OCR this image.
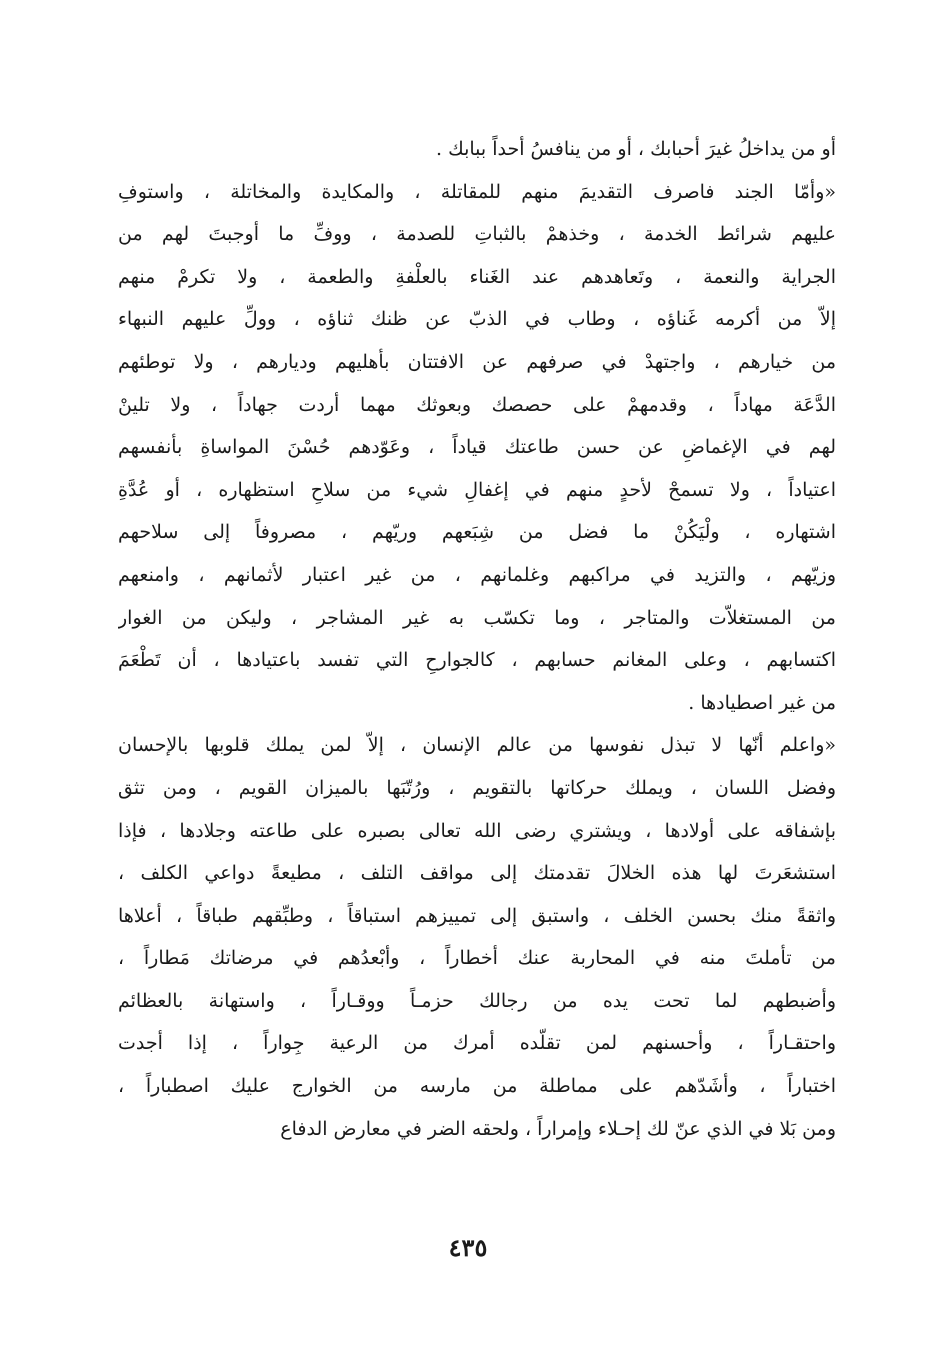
أو من يداخلُ غيرَ أحبابك ، أو من ينافسُ أحداً ببابك .
«وأمّا الجند فاصرف التقديمَ منهم للمقاتلة ، والمكايدة والمخاتلة ، واستوفِ
عليهم شرائط الخدمة ، وخذهمْ بالثباتِ للصدمة ، ووفِّ ما أوجبتَ لهم من
الجراية والنعمة ، وتَعاهدهم عند الغَناء بالعلْفةِ والطعمة ، ولا تكرمْ منهم
إلاّ من أكرمه غَناؤه ، وطاب في الذبّ عن ظنك ثناؤه ، وولِّ عليهم النبهاء
من خيارهم ، واجتهدْ في صرفهم عن الافتتان بأهليهم وديارهم ، ولا توطئهم
الدَّعَة مهاداً ، وقدمهمْ على حصصك وبعوثك مهما أردت جهاداً ، ولا تلينْ
لهم في الإغماضِ عن حسن طاعتك قياداً ، وعَوّدهم حُسْنَ المواساةِ بأنفسهم
اعتياداً ، ولا تسمحْ لأحدٍ منهم في إغفالِ شيء من سلاحِ استظهاره ، أو عُدَّةِ
اشتهاره ، ولْيَكُنْ ما فضل من شِبَعهم وريّهم ، مصروفاً إلى سلاحهم
وزيّهم ، والتزيد في مراكبهم وغلمانهم ، من غير اعتبار لأثمانهم ، وامنعهم
من المستغلاّت والمتاجر ، وما تكسّب به غير المشاجر ، وليكن من الغوار
اكتسابهم ، وعلى المغانم حسابهم ، كالجوارحِ التي تفسد باعتيادها ، أن تَطْعَمَ
من غير اصطيادها .
«واعلم أنّها لا تبذل نفوسها من عالم الإنسان ، إلاّ لمن يملك قلوبها بالإحسان
وفضل اللسان ، ويملك حركاتها بالتقويم ، ورُتّبَها بالميزان القويم ، ومن تثق
بإشفاقه على أولادها ، ويشتري رضى الله تعالى بصبره على طاعته وجلادها ، فإذا
استشعَرتَ لها هذه الخلالَ تقدمتك إلى مواقف التلف ، مطيعةً دواعي الكلف ،
واثقةً منك بحسن الخلف ، واستبق إلى تمييزهم استباقاً ، وطبِّقهم طباقاً ، أعلاها
من تأملتَ منه في المحاربة عنك أخطاراً ، وأبْعدُهم في مرضاتك مَطاراً ،
وأضبطهم لما تحت يده من رجالك حزمـاً ووقـاراً ، واستهانة بالعظائم
واحتقـاراً ، وأحسنهم لمن تقلّده أمرك من الرعية جِواراً ، إذا أجدت
اختباراً ، وأشَدّهم على مماطلة من مارسه من الخوارج عليك اصطباراً ،
ومن بَلا في الذي عنّ لك إحـلاء وإمراراً ، ولحقه الضر في معارض الدفاع
٤٣٥
